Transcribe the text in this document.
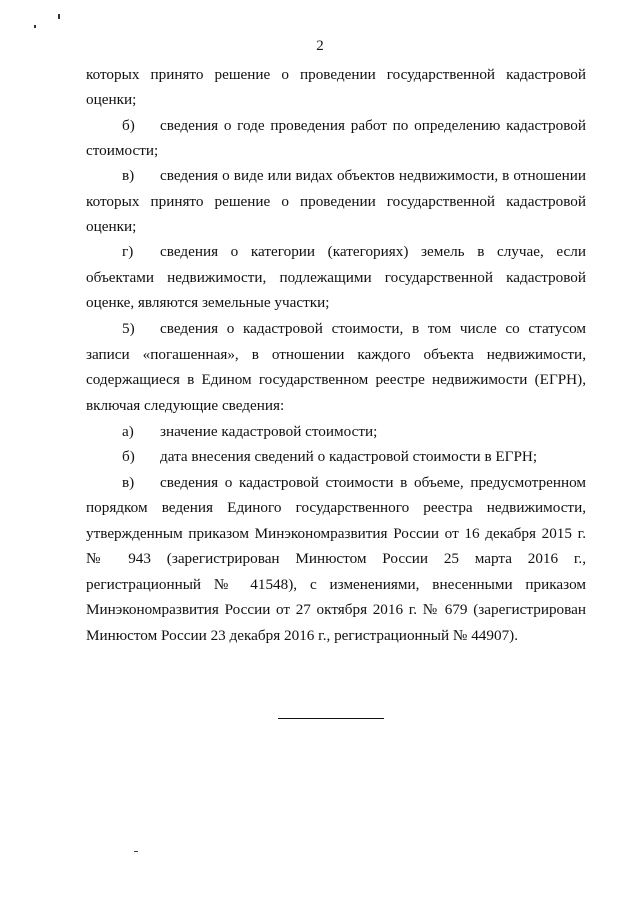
2
которых принято решение о проведении государственной кадастровой
оценки;
б) сведения о годе проведения работ по определению кадастровой
стоимости;
в) сведения о виде или видах объектов недвижимости, в отношении
которых принято решение о проведении государственной кадастровой
оценки;
г) сведения о категории (категориях) земель в случае, если
объектами недвижимости, подлежащими государственной кадастровой
оценке, являются земельные участки;
5) сведения о кадастровой стоимости, в том числе со статусом
записи «погашенная», в отношении каждого объекта недвижимости,
содержащиеся в Едином государственном реестре недвижимости (ЕГРН),
включая следующие сведения:
а) значение кадастровой стоимости;
б) дата внесения сведений о кадастровой стоимости в ЕГРН;
в) сведения о кадастровой стоимости в объеме, предусмотренном
порядком ведения Единого государственного реестра недвижимости,
утвержденным приказом Минэкономразвития России от 16 декабря 2015 г.
№ 943 (зарегистрирован Минюстом России 25 марта 2016 г.,
регистрационный № 41548), с изменениями, внесенными приказом
Минэкономразвития России от 27 октября 2016 г. № 679 (зарегистрирован
Минюстом России 23 декабря 2016 г., регистрационный № 44907).
